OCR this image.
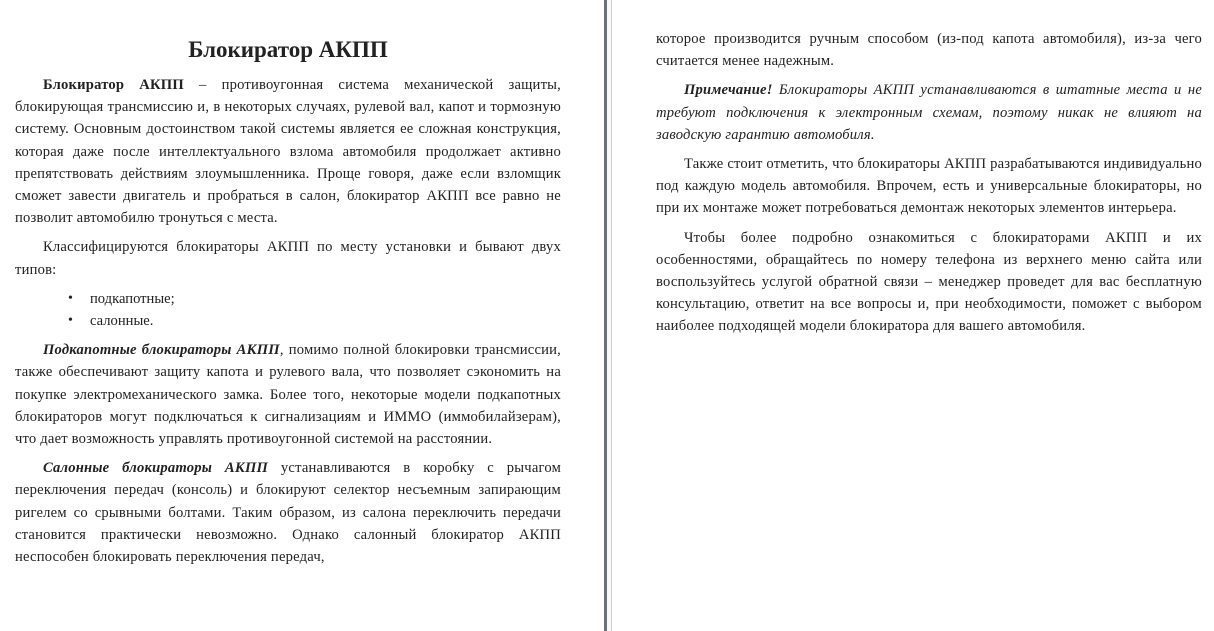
Блокиратор АКПП

Блокиратор АКПП – противоугонная система механической защиты, блокирующая трансмиссию и, в некоторых случаях, рулевой вал, капот и тормозную систему. Основным достоинством такой системы является ее сложная конструкция, которая даже после интеллектуального взлома автомобиля продолжает активно препятствовать действиям злоумышленника. Проще говоря, даже если взломщик сможет завести двигатель и пробраться в салон, блокиратор АКПП все равно не позволит автомобилю тронуться с места.

Классифицируются блокираторы АКПП по месту установки и бывают двух типов:

• подкапотные;
• салонные.

Подкапотные блокираторы АКПП, помимо полной блокировки трансмиссии, также обеспечивают защиту капота и рулевого вала, что позволяет сэкономить на покупке электромеханического замка. Более того, некоторые модели подкапотных блокираторов могут подключаться к сигнализациям и ИММО (иммобилайзерам), что дает возможность управлять противоугонной системой на расстоянии.

Салонные блокираторы АКПП устанавливаются в коробку с рычагом переключения передач (консоль) и блокируют селектор несъемным запирающим ригелем со срывными болтами. Таким образом, из салона переключить передачи становится практически невозможно. Однако салонный блокиратор АКПП неспособен блокировать переключения передач,

которое производится ручным способом (из-под капота автомобиля), из-за чего считается менее надежным.

Примечание! Блокираторы АКПП устанавливаются в штатные места и не требуют подключения к электронным схемам, поэтому никак не влияют на заводскую гарантию автомобиля.

Также стоит отметить, что блокираторы АКПП разрабатываются индивидуально под каждую модель автомобиля. Впрочем, есть и универсальные блокираторы, но при их монтаже может потребоваться демонтаж некоторых элементов интерьера.

Чтобы более подробно ознакомиться с блокираторами АКПП и их особенностями, обращайтесь по номеру телефона из верхнего меню сайта или воспользуйтесь услугой обратной связи – менеджер проведет для вас бесплатную консультацию, ответит на все вопросы и, при необходимости, поможет с выбором наиболее подходящей модели блокиратора для вашего автомобиля.
